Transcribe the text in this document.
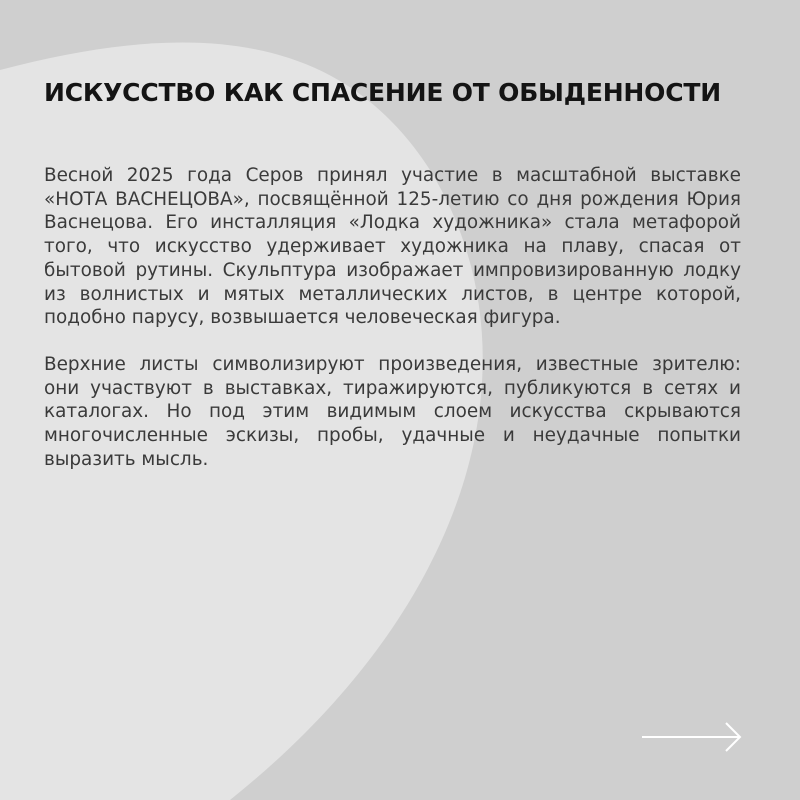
ИСКУССТВО КАК СПАСЕНИЕ ОТ ОБЫДЕННОСТИ

Весной 2025 года Серов принял участие в масштабной выставке «НОТА ВАСНЕЦОВА», посвящённой 125-летию со дня рождения Юрия Васнецова. Его инсталляция «Лодка художника» стала метафорой того, что искусство удерживает художника на плаву, спасая от бытовой рутины. Скульптура изображает импровизированную лодку из волнистых и мятых металлических листов, в центре которой, подобно парусу, возвышается человеческая фигура.

Верхние листы символизируют произведения, известные зрителю: они участвуют в выставках, тиражируются, публикуются в сетях и каталогах. Но под этим видимым слоем искусства скрываются многочисленные эскизы, пробы, удачные и неудачные попытки выразить мысль.
